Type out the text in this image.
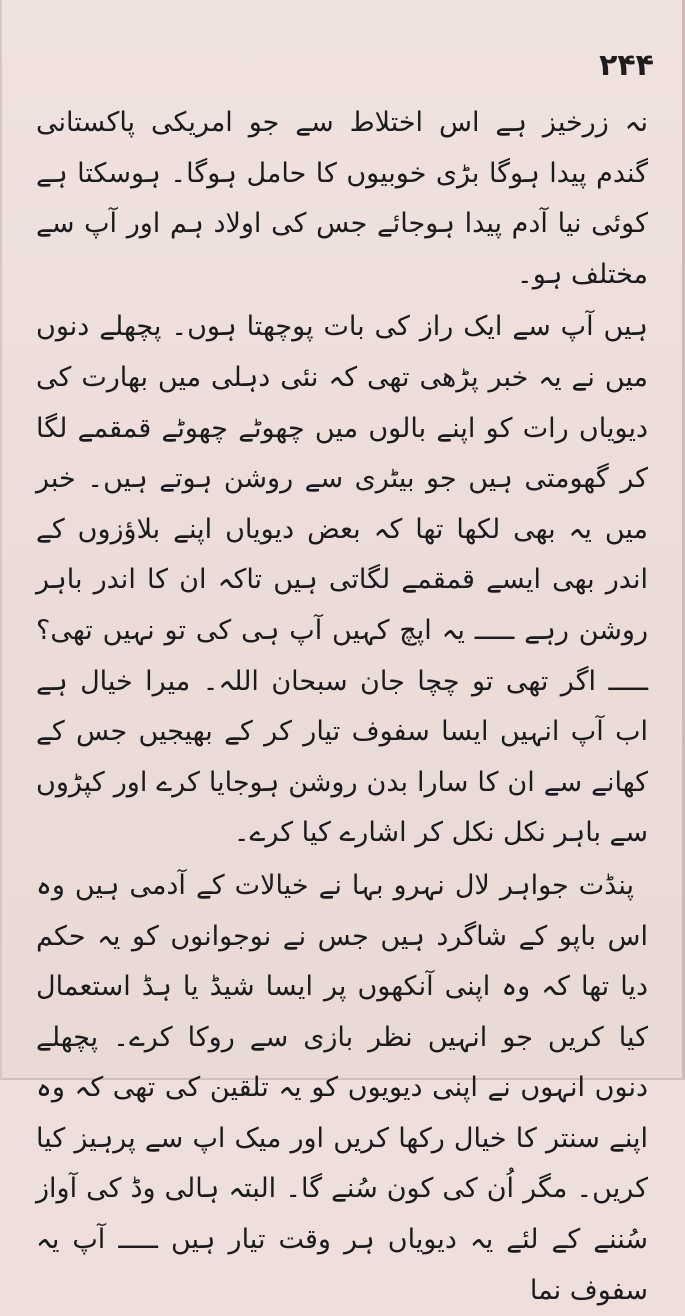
۲۴۴

نہ زرخیز ہے اس اختلاط سے جو امریکی پاکستانی گندم پیدا ہوگا بڑی خوبیوں کا حامل ہوگا۔ ہوسکتا ہے کوئی نیا آدم پیدا ہوجائے جس کی اولاد ہم اور آپ سے مختلف ہو۔

ہیں آپ سے ایک راز کی بات پوچھتا ہوں۔ پچھلے دنوں میں نے یہ خبر پڑھی تھی کہ نئی دہلی میں بھارت کی دیویاں رات کو اپنے بالوں میں چھوٹے چھوٹے قمقمے لگا کر گھومتی ہیں جو بیٹری سے روشن ہوتے ہیں۔ خبر میں یہ بھی لکھا تھا کہ بعض دیویاں اپنے بلاؤزوں کے اندر بھی ایسے قمقمے لگاتی ہیں تاکہ ان کا اندر باہر روشن رہے ـــــ یہ اپچ کہیں آپ ہی کی تو نہیں تھی؟ ـــــ اگر تھی تو چچا جان سبحان اللہ۔ میرا خیال ہے اب آپ انہیں ایسا سفوف تیار کر کے بھیجیں جس کے کھانے سے ان کا سارا بدن روشن ہوجایا کرے اور کپڑوں سے باہر نکل نکل کر اشارے کیا کرے۔

پنڈت جواہر لال نہرو بہا نے خیالات کے آدمی ہیں وہ اس باپو کے شاگرد ہیں جس نے نوجوانوں کو یہ حکم دیا تھا کہ وہ اپنی آنکھوں پر ایسا شیڈ یا ہڈ استعمال کیا کریں جو انہیں نظر بازی سے روکا کرے۔ پچھلے دنوں انہوں نے اپنی دیویوں کو یہ تلقین کی تھی کہ وہ اپنے سنتر کا خیال رکھا کریں اور میک اپ سے پرہیز کیا کریں۔ مگر اُن کی کون سُنے گا۔ البتہ ہالی وڈ کی آواز سُننے کے لئے یہ دیویاں ہر وقت تیار ہیں ـــــ آپ یہ سفوف نما
